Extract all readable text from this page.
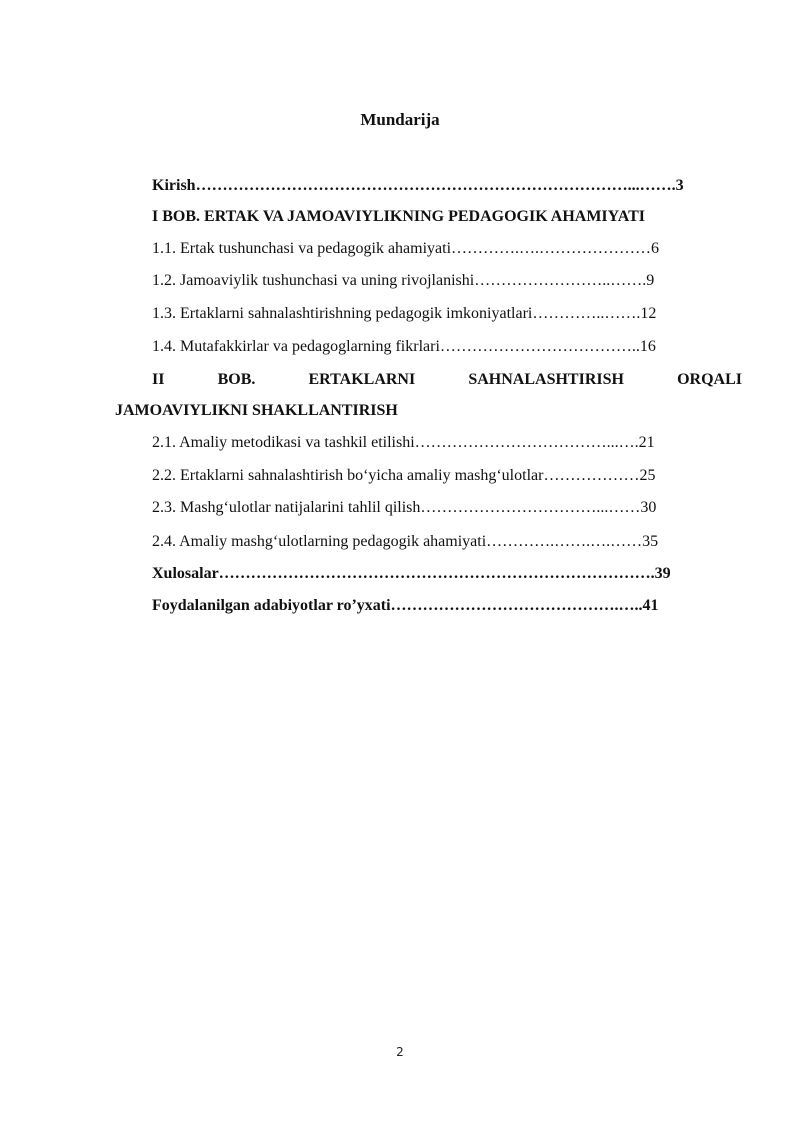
Mundarija
Kirish………………………………………………………………………...…….3
I BOB. ERTAK VA JAMOAVIYLIKNING PEDAGOGIK AHAMIYATI
1.1. Ertak tushunchasi va pedagogik ahamiyati………….….…………………6
1.2. Jamoaviylik tushunchasi va uning rivojlanishi……………………..…….9
1.3. Ertaklarni sahnalashtirishning pedagogik imkoniyatlari…………..…….12
1.4. Mutafakkirlar va pedagoglarning fikrlari………………………………..16
II	BOB.	ERTAKLARNI	SAHNALASHTIRISH	ORQALI
JAMOAVIYLIKNI SHAKLLANTIRISH
2.1. Amaliy metodikasi va tashkil etilishi………………………………...….21
2.2. Ertaklarni sahnalashtirish bo‘yicha amaliy mashg‘ulotlar………………25
2.3. Mashg‘ulotlar natijalarini tahlil qilish……………………………...……30
2.4. Amaliy mashg‘ulotlarning pedagogik ahamiyati………….…….….……35
Xulosalar……………………………………………………………………….39
Foydalanilgan adabiyotlar ro’yxati…………………………………….…..41
2
